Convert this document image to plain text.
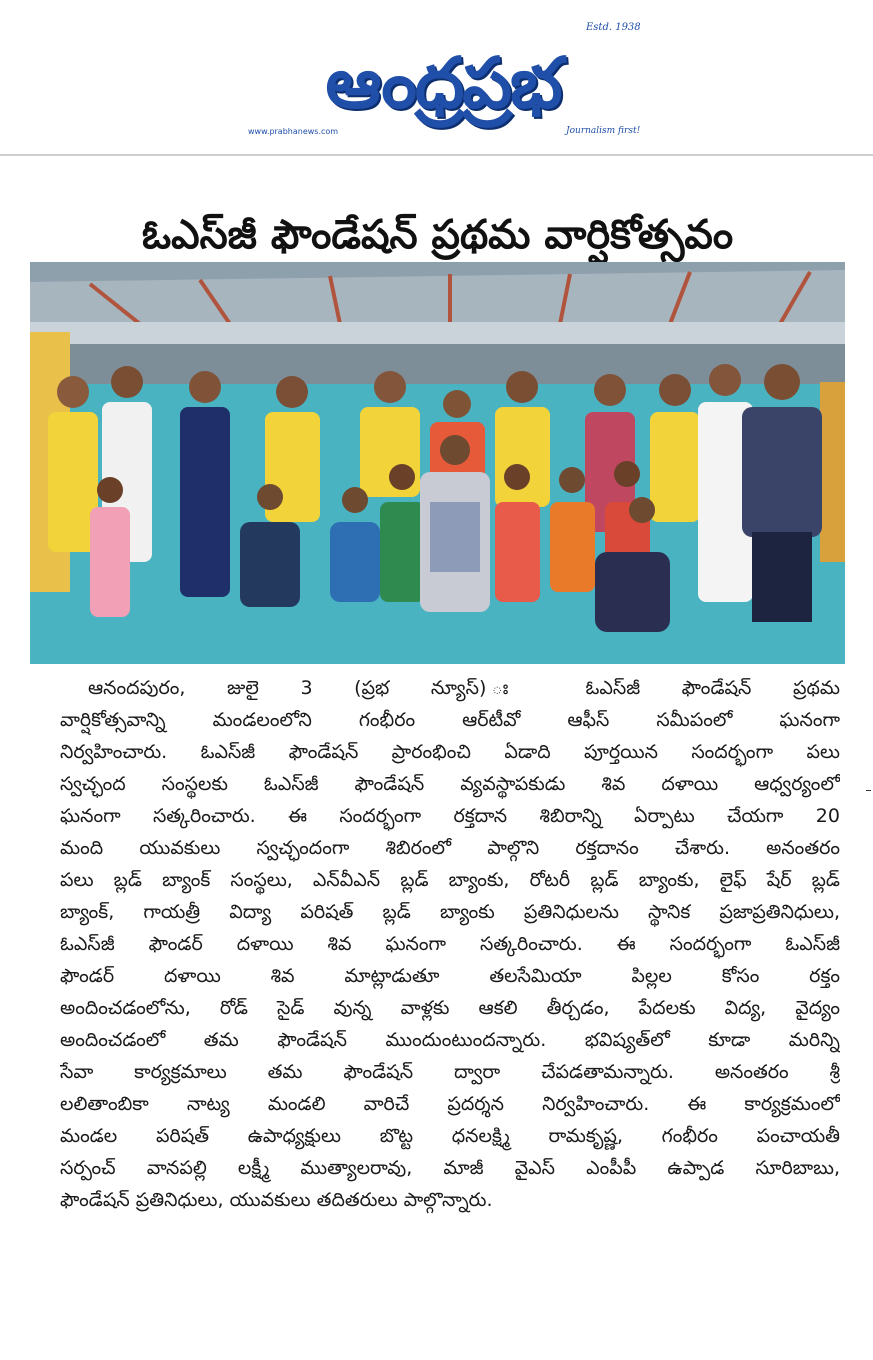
Estd. 1938
ఆంధ్రప్రభ
www.prabhanews.com	Journalism first!
ఓఎస్‌జీ ఫౌండేషన్ ప్రథమ వార్షికోత్సవం
ఆనందపురం, జులై 3 (ప్రభ న్యూస్) ః ఓఎస్‌జీ ఫౌండేషన్ ప్రథమ
వార్షికోత్సవాన్ని మండలంలోని గంభీరం ఆర్‌టీవో ఆఫీస్ సమీపంలో ఘనంగా
నిర్వహించారు. ఓఎస్‌జీ ఫౌండేషన్ ప్రారంభించి ఏడాది పూర్తయిన సందర్భంగా పలు
స్వచ్ఛంద సంస్థలకు ఓఎస్‌జీ ఫౌండేషన్ వ్యవస్థాపకుడు శివ దళాయి ఆధ్వర్యంలో
ఘనంగా సత్కరించారు. ఈ సందర్భంగా రక్తదాన శిబిరాన్ని ఏర్పాటు చేయగా 20
మంది యువకులు స్వచ్ఛందంగా శిబిరంలో పాల్గొని రక్తదానం చేశారు. అనంతరం
పలు బ్లడ్ బ్యాంక్ సంస్థలు, ఎన్‌వీఎన్ బ్లడ్ బ్యాంకు, రోటరీ బ్లడ్ బ్యాంకు, లైఫ్ షేర్ బ్లడ్
బ్యాంక్, గాయత్రీ విద్యా పరిషత్ బ్లడ్ బ్యాంకు ప్రతినిధులను స్థానిక ప్రజాప్రతినిధులు,
ఓఎస్‌జీ ఫౌండర్ దళాయి శివ ఘనంగా సత్కరించారు. ఈ సందర్భంగా ఓఎస్‌జీ
ఫౌండర్ దళాయి శివ మాట్లాడుతూ తలసేమియా పిల్లల కోసం రక్తం
అందించడంలోను, రోడ్ సైడ్ వున్న వాళ్లకు ఆకలి తీర్చడం, పేదలకు విద్య, వైద్యం
అందించడంలో తమ ఫౌండేషన్ ముందుంటుందన్నారు. భవిష్యత్‌లో కూడా మరిన్ని
సేవా కార్యక్రమాలు తమ ఫౌండేషన్ ద్వారా చేపడతామన్నారు. అనంతరం శ్రీ
లలితాంబికా నాట్య మండలి వారిచే ప్రదర్శన నిర్వహించారు. ఈ కార్యక్రమంలో
మండల పరిషత్ ఉపాధ్యక్షులు బొట్ట ధనలక్ష్మి రామకృష్ణ, గంభీరం పంచాయతీ
సర్పంచ్ వానపల్లి లక్ష్మీ ముత్యాలరావు, మాజీ వైఎస్ ఎంపీపీ ఉప్పాడ సూరిబాబు,
ఫౌండేషన్ ప్రతినిధులు, యువకులు తదితరులు పాల్గొన్నారు.
